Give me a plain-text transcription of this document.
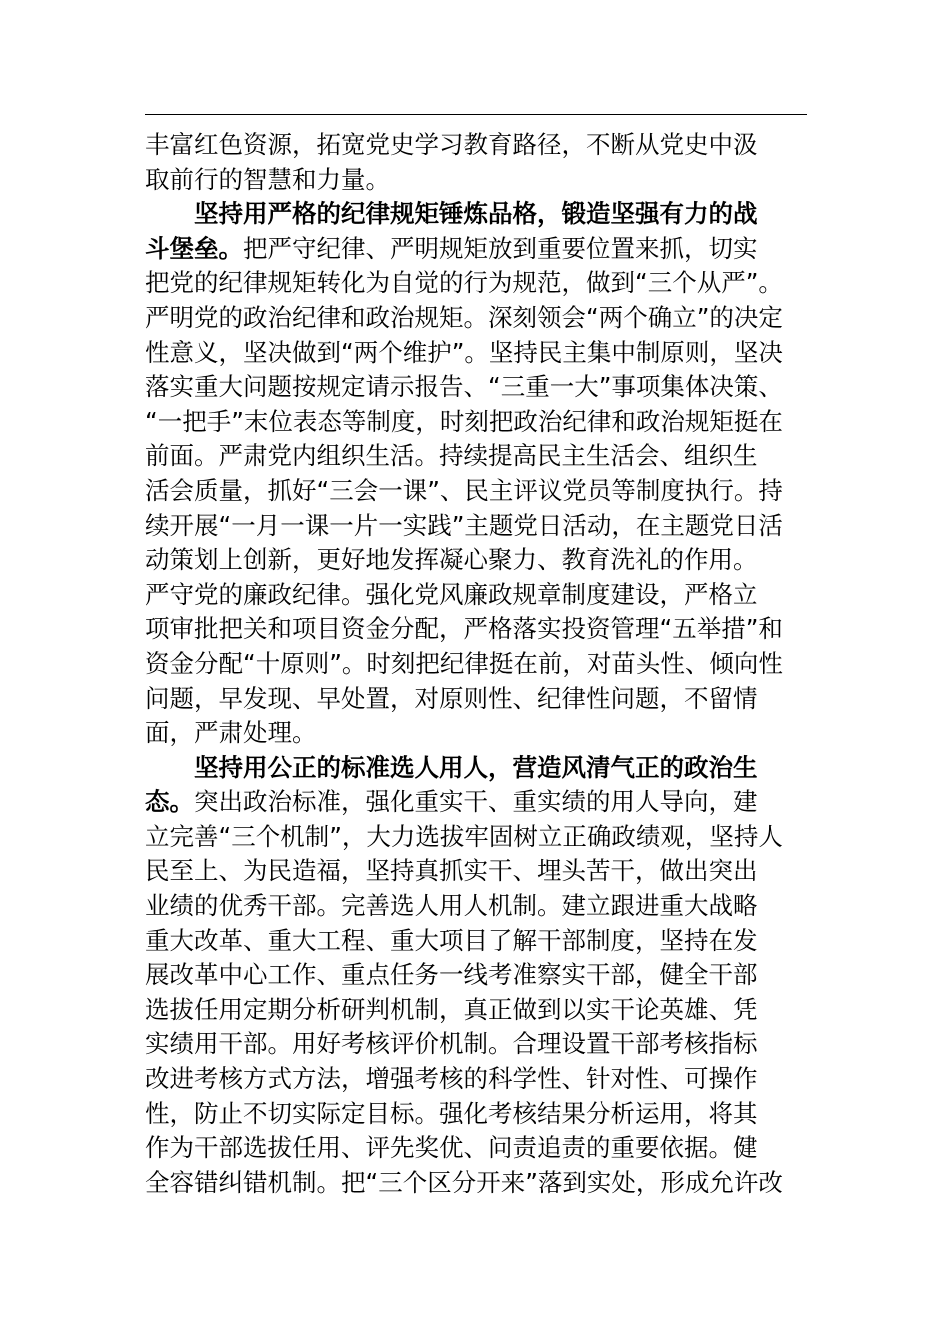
丰富红色资源，拓宽党史学习教育路径，不断从党史中汲
取前行的智慧和力量。
坚持用严格的纪律规矩锤炼品格，锻造坚强有力的战
斗堡垒。把严守纪律、严明规矩放到重要位置来抓，切实
把党的纪律规矩转化为自觉的行为规范，做到“三个从严”。
严明党的政治纪律和政治规矩。深刻领会“两个确立”的决定
性意义，坚决做到“两个维护”。坚持民主集中制原则，坚决
落实重大问题按规定请示报告、“三重一大”事项集体决策、
“一把手”末位表态等制度，时刻把政治纪律和政治规矩挺在
前面。严肃党内组织生活。持续提高民主生活会、组织生
活会质量，抓好“三会一课”、民主评议党员等制度执行。持
续开展“一月一课一片一实践”主题党日活动，在主题党日活
动策划上创新，更好地发挥凝心聚力、教育洗礼的作用。
严守党的廉政纪律。强化党风廉政规章制度建设，严格立
项审批把关和项目资金分配，严格落实投资管理“五举措”和
资金分配“十原则”。时刻把纪律挺在前，对苗头性、倾向性
问题，早发现、早处置，对原则性、纪律性问题，不留情
面，严肃处理。
坚持用公正的标准选人用人，营造风清气正的政治生
态。突出政治标准，强化重实干、重实绩的用人导向，建
立完善“三个机制”，大力选拔牢固树立正确政绩观，坚持人
民至上、为民造福，坚持真抓实干、埋头苦干，做出突出
业绩的优秀干部。完善选人用人机制。建立跟进重大战略
重大改革、重大工程、重大项目了解干部制度，坚持在发
展改革中心工作、重点任务一线考准察实干部，健全干部
选拔任用定期分析研判机制，真正做到以实干论英雄、凭
实绩用干部。用好考核评价机制。合理设置干部考核指标
改进考核方式方法，增强考核的科学性、针对性、可操作
性，防止不切实际定目标。强化考核结果分析运用，将其
作为干部选拔任用、评先奖优、问责追责的重要依据。健
全容错纠错机制。把“三个区分开来”落到实处，形成允许改
